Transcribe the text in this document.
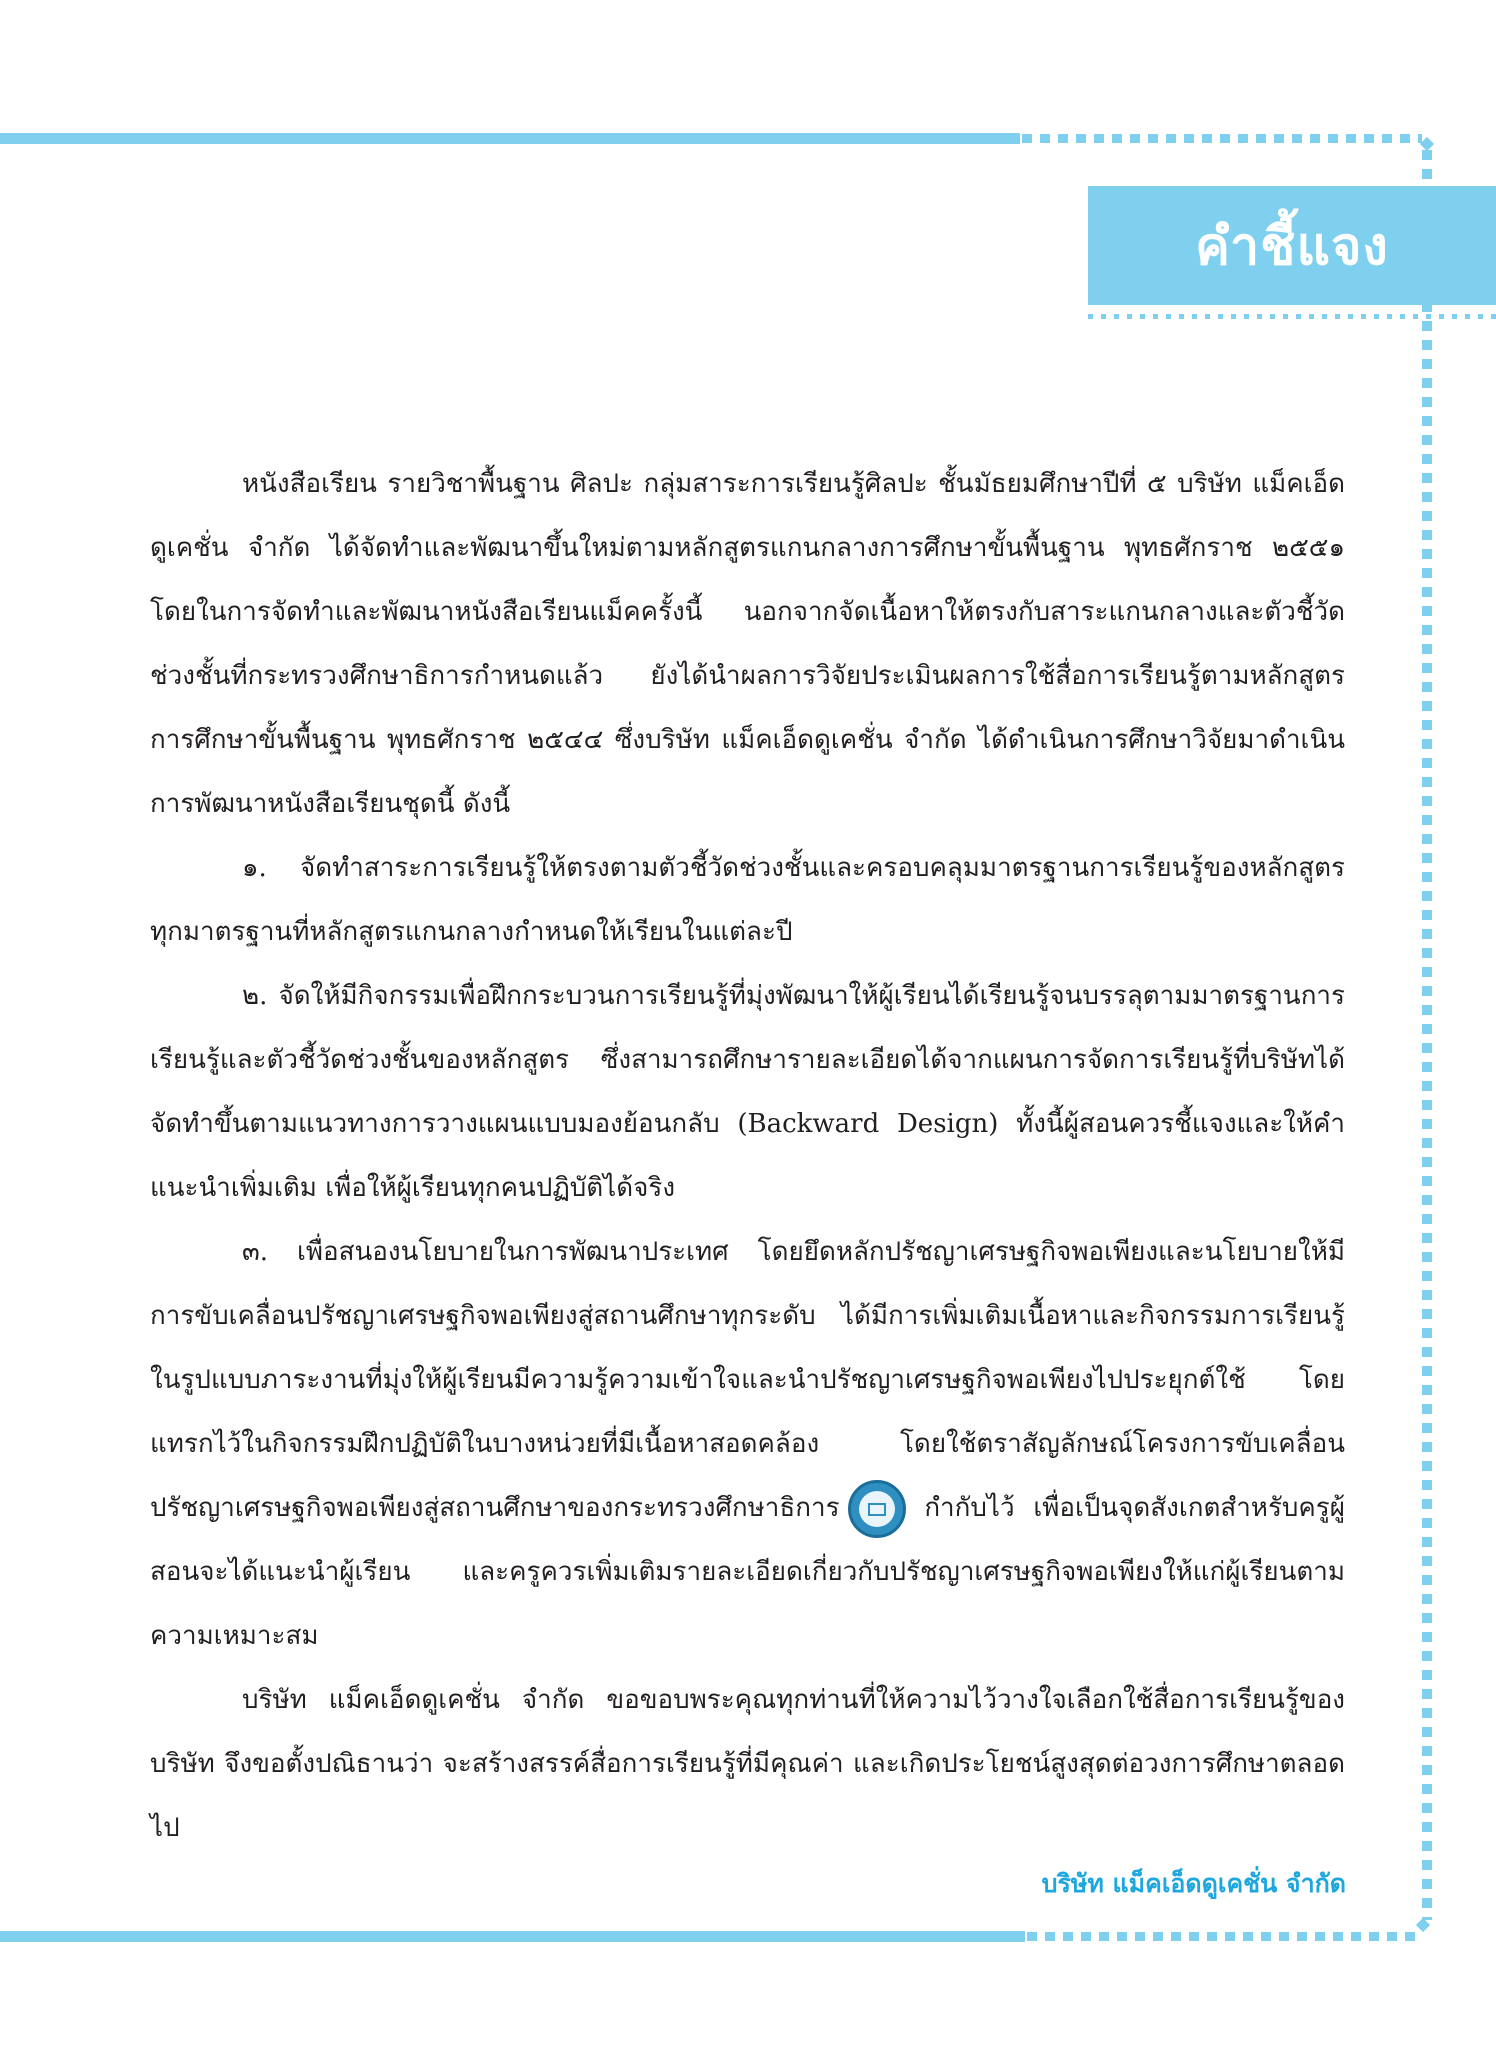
คำชี้แจง

หนังสือเรียน รายวิชาพื้นฐาน ศิลปะ กลุ่มสาระการเรียนรู้ศิลปะ ชั้นมัธยมศึกษาปีที่ ๕ บริษัท แม็คเอ็ดดูเคชั่น จำกัด ได้จัดทำและพัฒนาขึ้นใหม่ตามหลักสูตรแกนกลางการศึกษาขั้นพื้นฐาน พุทธศักราช ๒๕๕๑ โดยในการจัดทำและพัฒนาหนังสือเรียนแม็คครั้งนี้ นอกจากจัดเนื้อหาให้ตรงกับสาระแกนกลางและตัวชี้วัดช่วงชั้นที่กระทรวงศึกษาธิการกำหนดแล้ว ยังได้นำผลการวิจัยประเมินผลการใช้สื่อการเรียนรู้ตามหลักสูตรการศึกษาขั้นพื้นฐาน พุทธศักราช ๒๕๔๔ ซึ่งบริษัท แม็คเอ็ดดูเคชั่น จำกัด ได้ดำเนินการศึกษาวิจัยมาดำเนินการพัฒนาหนังสือเรียนชุดนี้ ดังนี้

๑. จัดทำสาระการเรียนรู้ให้ตรงตามตัวชี้วัดช่วงชั้นและครอบคลุมมาตรฐานการเรียนรู้ของหลักสูตรทุกมาตรฐานที่หลักสูตรแกนกลางกำหนดให้เรียนในแต่ละปี

๒. จัดให้มีกิจกรรมเพื่อฝึกกระบวนการเรียนรู้ที่มุ่งพัฒนาให้ผู้เรียนได้เรียนรู้จนบรรลุตามมาตรฐานการเรียนรู้และตัวชี้วัดช่วงชั้นของหลักสูตร ซึ่งสามารถศึกษารายละเอียดได้จากแผนการจัดการเรียนรู้ที่บริษัทได้จัดทำขึ้นตามแนวทางการวางแผนแบบมองย้อนกลับ (Backward Design) ทั้งนี้ผู้สอนควรชี้แจงและให้คำแนะนำเพิ่มเติม เพื่อให้ผู้เรียนทุกคนปฏิบัติได้จริง

๓. เพื่อสนองนโยบายในการพัฒนาประเทศ โดยยึดหลักปรัชญาเศรษฐกิจพอเพียงและนโยบายให้มีการขับเคลื่อนปรัชญาเศรษฐกิจพอเพียงสู่สถานศึกษาทุกระดับ ได้มีการเพิ่มเติมเนื้อหาและกิจกรรมการเรียนรู้ในรูปแบบภาระงานที่มุ่งให้ผู้เรียนมีความรู้ความเข้าใจและนำปรัชญาเศรษฐกิจพอเพียงไปประยุกต์ใช้ โดยแทรกไว้ในกิจกรรมฝึกปฏิบัติในบางหน่วยที่มีเนื้อหาสอดคล้อง โดยใช้ตราสัญลักษณ์โครงการขับเคลื่อนปรัชญาเศรษฐกิจพอเพียงสู่สถานศึกษาของกระทรวงศึกษาธิการ	กำกับไว้ เพื่อเป็นจุดสังเกตสำหรับครูผู้สอนจะได้แนะนำผู้เรียน และครูควรเพิ่มเติมรายละเอียดเกี่ยวกับปรัชญาเศรษฐกิจพอเพียงให้แก่ผู้เรียนตามความเหมาะสม

บริษัท แม็คเอ็ดดูเคชั่น จำกัด ขอขอบพระคุณทุกท่านที่ให้ความไว้วางใจเลือกใช้สื่อการเรียนรู้ของบริษัท จึงขอตั้งปณิธานว่า จะสร้างสรรค์สื่อการเรียนรู้ที่มีคุณค่า และเกิดประโยชน์สูงสุดต่อวงการศึกษาตลอดไป

บริษัท แม็คเอ็ดดูเคชั่น จำกัด
